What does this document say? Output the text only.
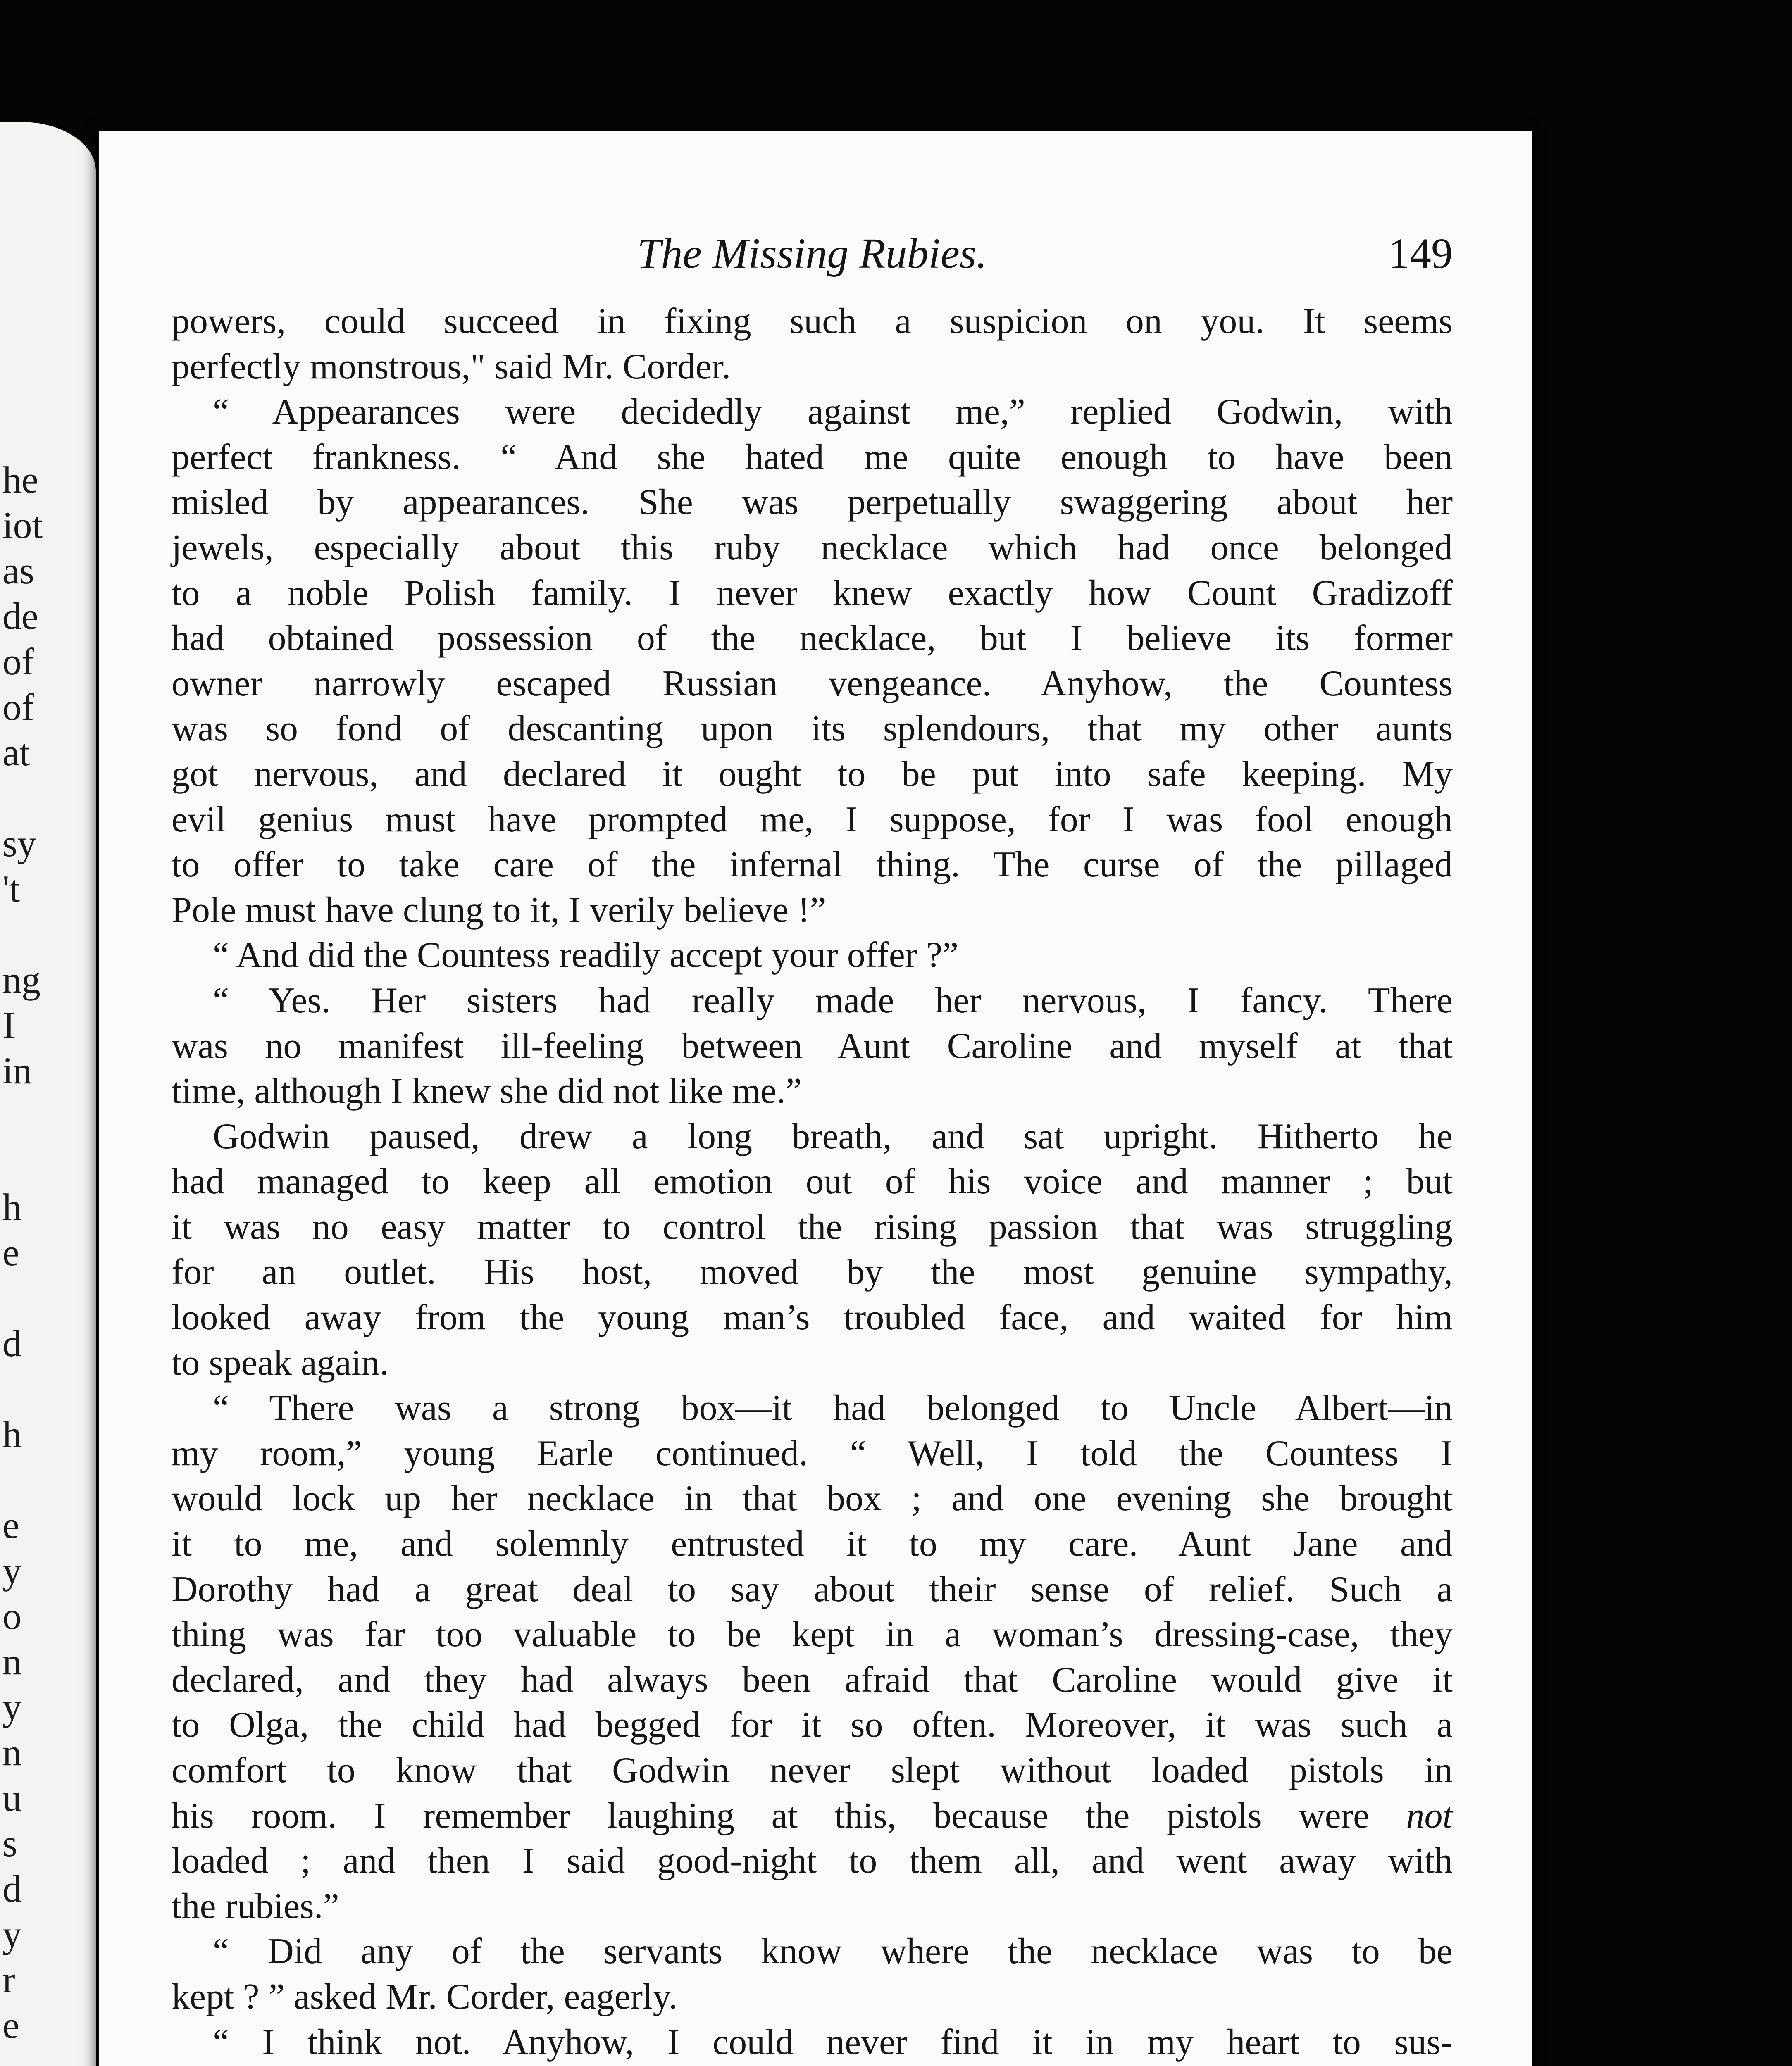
he
iot
as
de
of
of
at
sy
't
ng
I
in
h
e
d
h
e
y
o
n
y
n
u
s
d
y
r
e
The Missing Rubies.	149
powers, could succeed in fixing such a suspicion on you. It seems
perfectly monstrous," said Mr. Corder.
“ Appearances were decidedly against me,” replied Godwin, with
perfect frankness. “ And she hated me quite enough to have been
misled by appearances. She was perpetually swaggering about her
jewels, especially about this ruby necklace which had once belonged
to a noble Polish family. I never knew exactly how Count Gradizoff
had obtained possession of the necklace, but I believe its former
owner narrowly escaped Russian vengeance. Anyhow, the Countess
was so fond of descanting upon its splendours, that my other aunts
got nervous, and declared it ought to be put into safe keeping. My
evil genius must have prompted me, I suppose, for I was fool enough
to offer to take care of the infernal thing. The curse of the pillaged
Pole must have clung to it, I verily believe !”
“ And did the Countess readily accept your offer ?”
“ Yes. Her sisters had really made her nervous, I fancy. There
was no manifest ill-feeling between Aunt Caroline and myself at that
time, although I knew she did not like me.”
Godwin paused, drew a long breath, and sat upright. Hitherto he
had managed to keep all emotion out of his voice and manner ; but
it was no easy matter to control the rising passion that was struggling
for an outlet. His host, moved by the most genuine sympathy,
looked away from the young man’s troubled face, and waited for him
to speak again.
“ There was a strong box—it had belonged to Uncle Albert—in
my room,” young Earle continued. “ Well, I told the Countess I
would lock up her necklace in that box ; and one evening she brought
it to me, and solemnly entrusted it to my care. Aunt Jane and
Dorothy had a great deal to say about their sense of relief. Such a
thing was far too valuable to be kept in a woman’s dressing-case, they
declared, and they had always been afraid that Caroline would give it
to Olga, the child had begged for it so often. Moreover, it was such a
comfort to know that Godwin never slept without loaded pistols in
his room. I remember laughing at this, because the pistols were not
loaded ; and then I said good-night to them all, and went away with
the rubies.”
“ Did any of the servants know where the necklace was to be
kept ? ” asked Mr. Corder, eagerly.
“ I think not. Anyhow, I could never find it in my heart to sus-
